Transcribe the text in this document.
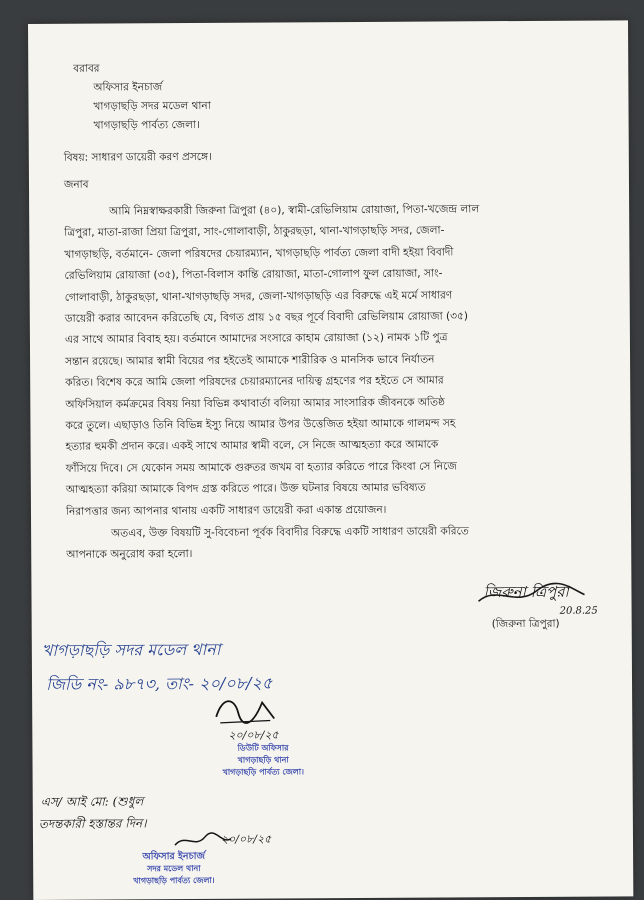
বরাবর
অফিসার ইনচার্জ
খাগড়াছড়ি সদর মডেল থানা
খাগড়াছড়ি পার্বত্য জেলা।
বিষয়: সাধারণ ডায়েরী করণ প্রসঙ্গে।
জনাব
আমি নিম্নস্বাক্ষরকারী জিরুনা ত্রিপুরা (৪০), স্বামী-রেভিলিয়াম রোয়াজা, পিতা-খজেন্দ্র লাল
ত্রিপুরা, মাতা-রাজা প্রিয়া ত্রিপুরা, সাং-গোলাবাড়ী, ঠাকুরছড়া, থানা-খাগড়াছড়ি সদর, জেলা-
খাগড়াছড়ি, বর্তমানে- জেলা পরিষদের চেয়ারম্যান, খাগড়াছড়ি পার্বত্য জেলা বাদী হইয়া বিবাদী
রেভিলিয়াম রোয়াজা (৩৫), পিতা-বিলাস কান্তি রোয়াজা, মাতা-গোলাপ ফুল রোয়াজা, সাং-
গোলাবাড়ী, ঠাকুরছড়া, থানা-খাগড়াছড়ি সদর, জেলা-খাগড়াছড়ি এর বিরুদ্ধে এই মর্মে সাধারণ
ডায়েরী করার আবেদন করিতেছি যে, বিগত প্রায় ১৫ বছর পূর্বে বিবাদী রেভিলিয়াম রোয়াজা (৩৫)
এর সাথে আমার বিবাহ হয়। বর্তমানে আমাদের সংসারে কাহাম রোয়াজা (১২) নামক ১টি পুত্র
সন্তান রয়েছে। আমার স্বামী বিয়ের পর হইতেই আমাকে শারীরিক ও মানসিক ভাবে নির্যাতন
করিত। বিশেষ করে আমি জেলা পরিষদের চেয়ারম্যানের দায়িত্ব গ্রহণের পর হইতে সে আমার
অফিসিয়াল কর্মক্রমের বিষয় নিয়া বিভিন্ন কথাবার্তা বলিয়া আমার সাংসারিক জীবনকে অতিষ্ঠ
করে তুলে। এছাড়াও তিনি বিভিন্ন ইস্যু নিয়ে আমার উপর উত্তেজিত হইয়া আমাকে গালমন্দ সহ
হত্যার হুমকী প্রদান করে। একই সাথে আমার স্বামী বলে, সে নিজে আত্মহত্যা করে আমাকে
ফাঁসিয়ে দিবে। সে যেকোন সময় আমাকে গুরুতর জখম বা হত্যার করিতে পারে কিংবা সে নিজে
আত্মহত্যা করিয়া আমাকে বিপদ গ্রস্ত করিতে পারে। উক্ত ঘটনার বিষয়ে আমার ভবিষ্যত
নিরাপত্তার জন্য আপনার থানায় একটি সাধারণ ডায়েরী করা একান্ত প্রয়োজন।
অতএব, উক্ত বিষয়টি সু-বিবেচনা পূর্বক বিবাদীর বিরুদ্ধে একটি সাধারণ ডায়েরী করিতে
আপনাকে অনুরোধ করা হলো।
জিরুনা ত্রিপুরা
20.8.25
(জিরুনা ত্রিপুরা)
খাগড়াছড়ি সদর মডেল থানা
জিডি নং- ৯৮৭৩, তাং- ২০/০৮/২৫
২০/০৮/২৫
ডিউটি অফিসার
খাগড়াছড়ি থানা
খাগড়াছড়ি পার্বত্য জেলা।
এস/ আই মো: (শুধুল
তদন্তকারী হস্তান্তর দিন।
২০/০৮/২৫
অফিসার ইনচার্জ
সদর মডেল থানা
খাগড়াছড়ি পার্বত্য জেলা।
